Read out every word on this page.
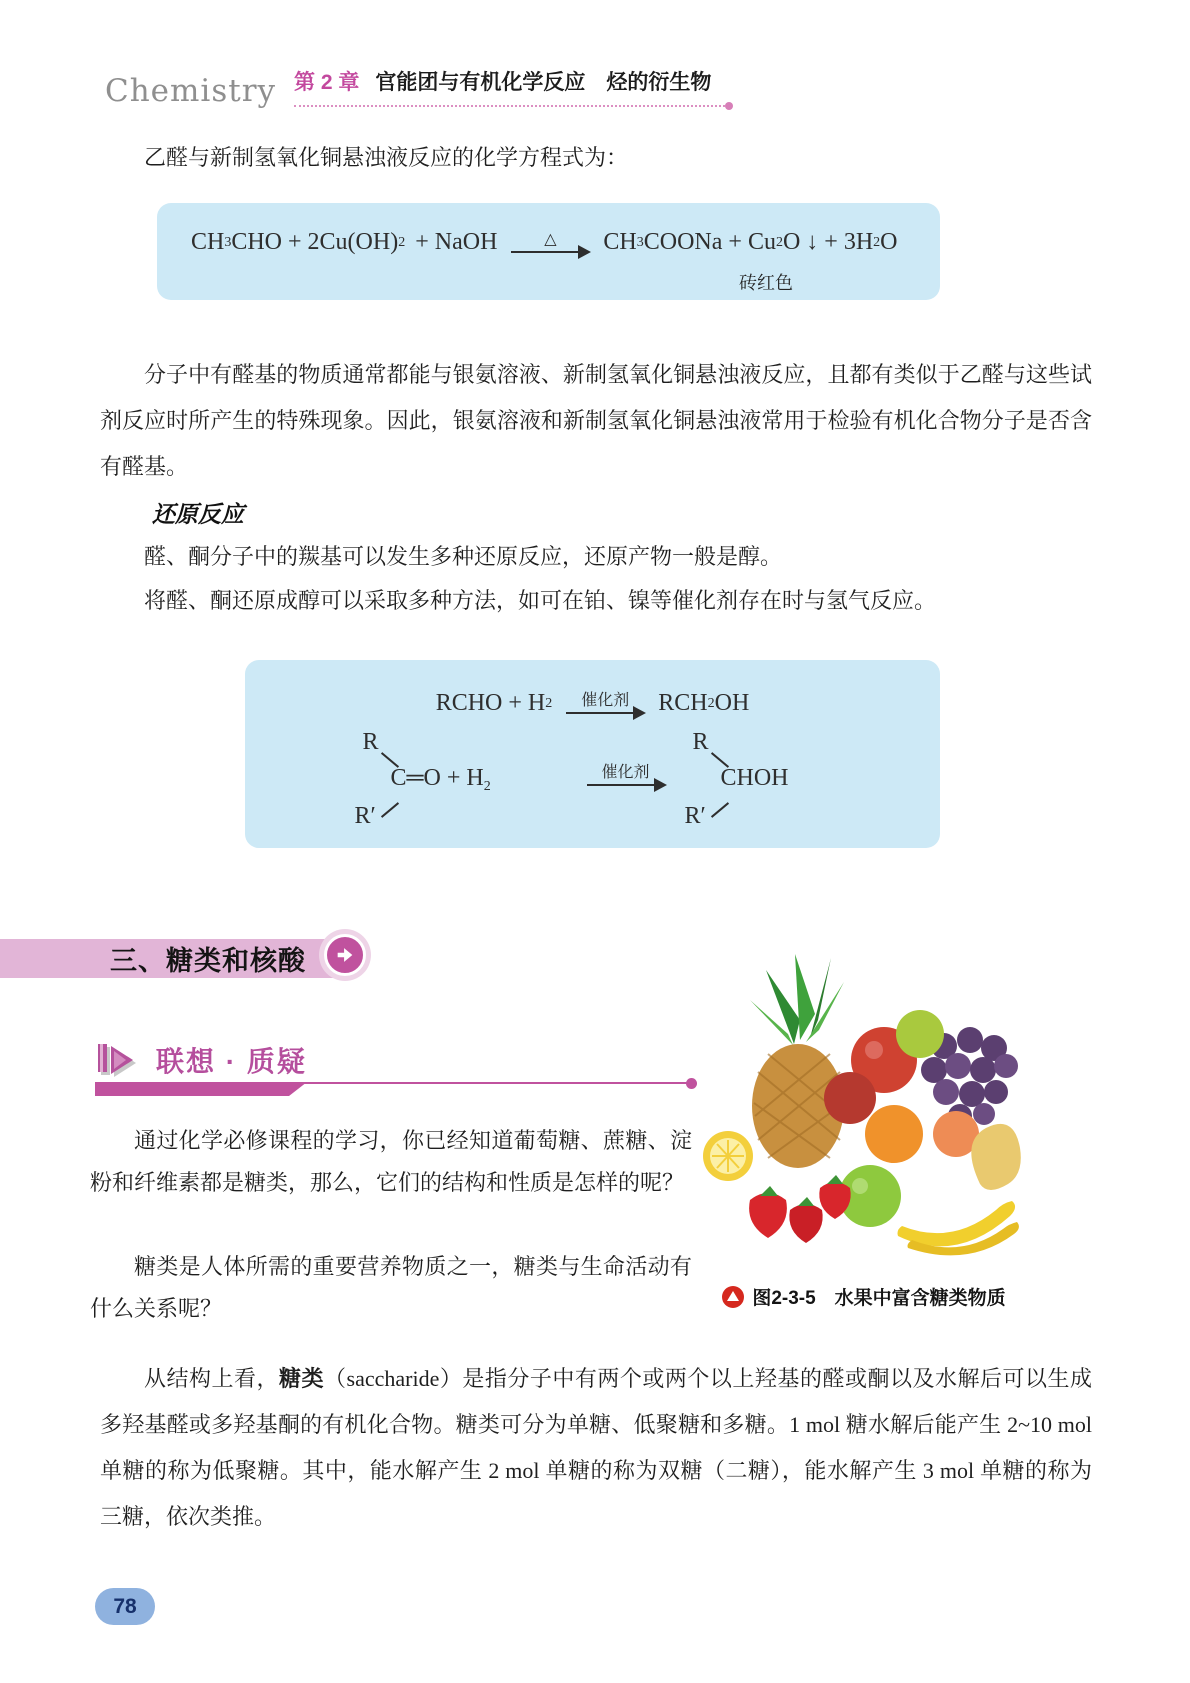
Chemistry 第 2 章 官能团与有机化学反应　烃的衍生物

乙醛与新制氢氧化铜悬浊液反应的化学方程式为：

CH 3 CHO + 2Cu(OH) 2 + NaOH	△ CH 3 COONa + Cu 2 O ↓ + 3H 2 O
砖红色

分子中有醛基的物质通常都能与银氨溶液、新制氢氧化铜悬浊液反应，且都有类似于乙醛与这些试剂反应时所产生的特殊现象。因此，银氨溶液和新制氢氧化铜悬浊液常用于检验有机化合物分子是否含有醛基。

还原反应

醛、酮分子中的羰基可以发生多种还原反应，还原产物一般是醇。

将醛、酮还原成醇可以采取多种方法，如可在铂、镍等催化剂存在时与氢气反应。

RCHO + H 2 催化剂 RCH 2 OH
R
C═O + $H_2$
R′
催化剂
R
CHOH
R′
三、糖类和核酸
联想 · 质疑

通过化学必修课程的学习，你已经知道葡萄糖、蔗糖、淀粉和纤维素都是糖类，那么，它们的结构和性质是怎样的呢？

糖类是人体所需的重要营养物质之一，糖类与生命活动有什么关系呢？	图2-3-5　水果中富含糖类物质

从结构上看，糖类（saccharide）是指分子中有两个或两个以上羟基的醛或酮以及水解后可以生成多羟基醛或多羟基酮的有机化合物。糖类可分为单糖、低聚糖和多糖。1 mol 糖水解后能产生 2~10 mol 单糖的称为低聚糖。其中，能水解产生 2 mol 单糖的称为双糖（二糖），能水解产生 3 mol 单糖的称为三糖，依次类推。

78
